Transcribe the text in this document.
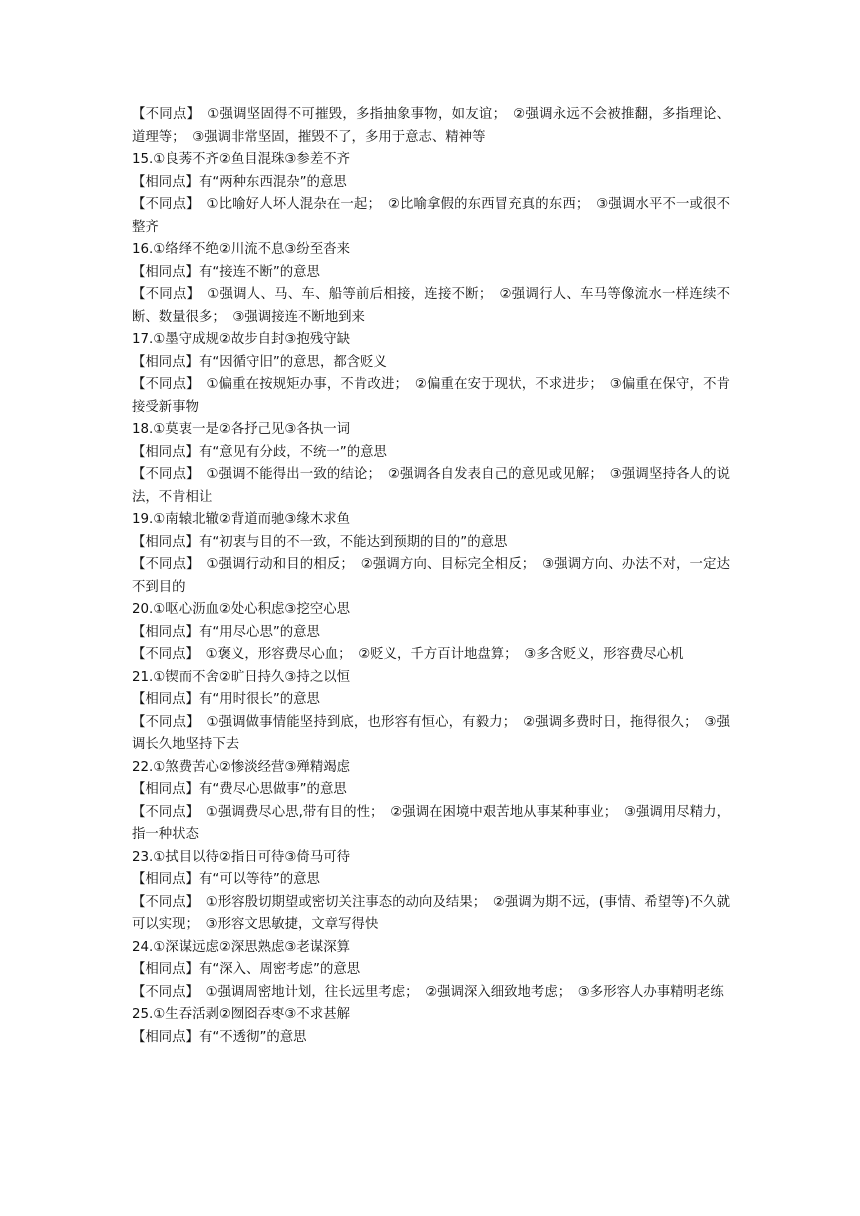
【不同点】　①强调坚固得不可摧毁，多指抽象事物，如友谊；　②强调永远不会被推翻，多指理论、道理等；　③强调非常坚固，摧毁不了，多用于意志、精神等

15.①良莠不齐②鱼目混珠③参差不齐

【相同点】有“两种东西混杂”的意思

【不同点】　①比喻好人坏人混杂在一起；　②比喻拿假的东西冒充真的东西；　③强调水平不一或很不整齐

16.①络绎不绝②川流不息③纷至沓来

【相同点】有“接连不断”的意思

【不同点】　①强调人、马、车、船等前后相接，连接不断；　②强调行人、车马等像流水一样连续不断、数量很多；　③强调接连不断地到来

17.①墨守成规②故步自封③抱残守缺

【相同点】有“因循守旧”的意思，都含贬义

【不同点】　①偏重在按规矩办事，不肯改进；　②偏重在安于现状，不求进步；　③偏重在保守，不肯接受新事物

18.①莫衷一是②各抒己见③各执一词

【相同点】有“意见有分歧，不统一”的意思

【不同点】　①强调不能得出一致的结论；　②强调各自发表自己的意见或见解；　③强调坚持各人的说法，不肯相让

19.①南辕北辙②背道而驰③缘木求鱼

【相同点】有“初衷与目的不一致，不能达到预期的目的”的意思

【不同点】　①强调行动和目的相反；　②强调方向、目标完全相反；　③强调方向、办法不对，一定达不到目的

20.①呕心沥血②处心积虑③挖空心思

【相同点】有“用尽心思”的意思

【不同点】　①褒义，形容费尽心血；　②贬义，千方百计地盘算；　③多含贬义，形容费尽心机

21.①锲而不舍②旷日持久③持之以恒

【相同点】有“用时很长”的意思

【不同点】　①强调做事情能坚持到底，也形容有恒心，有毅力；　②强调多费时日，拖得很久；　③强调长久地坚持下去

22.①煞费苦心②惨淡经营③殚精竭虑

【相同点】有“费尽心思做事”的意思

【不同点】　①强调费尽心思,带有目的性；　②强调在困境中艰苦地从事某种事业；　③强调用尽精力，指一种状态

23.①拭目以待②指日可待③倚马可待

【相同点】有“可以等待”的意思

【不同点】　①形容殷切期望或密切关注事态的动向及结果；　②强调为期不远，(事情、希望等)不久就可以实现；　③形容文思敏捷，文章写得快

24.①深谋远虑②深思熟虑③老谋深算

【相同点】有“深入、周密考虑”的意思

【不同点】　①强调周密地计划，往长远里考虑；　②强调深入细致地考虑；　③多形容人办事精明老练

25.①生吞活剥②囫囵吞枣③不求甚解

【相同点】有“不透彻”的意思
